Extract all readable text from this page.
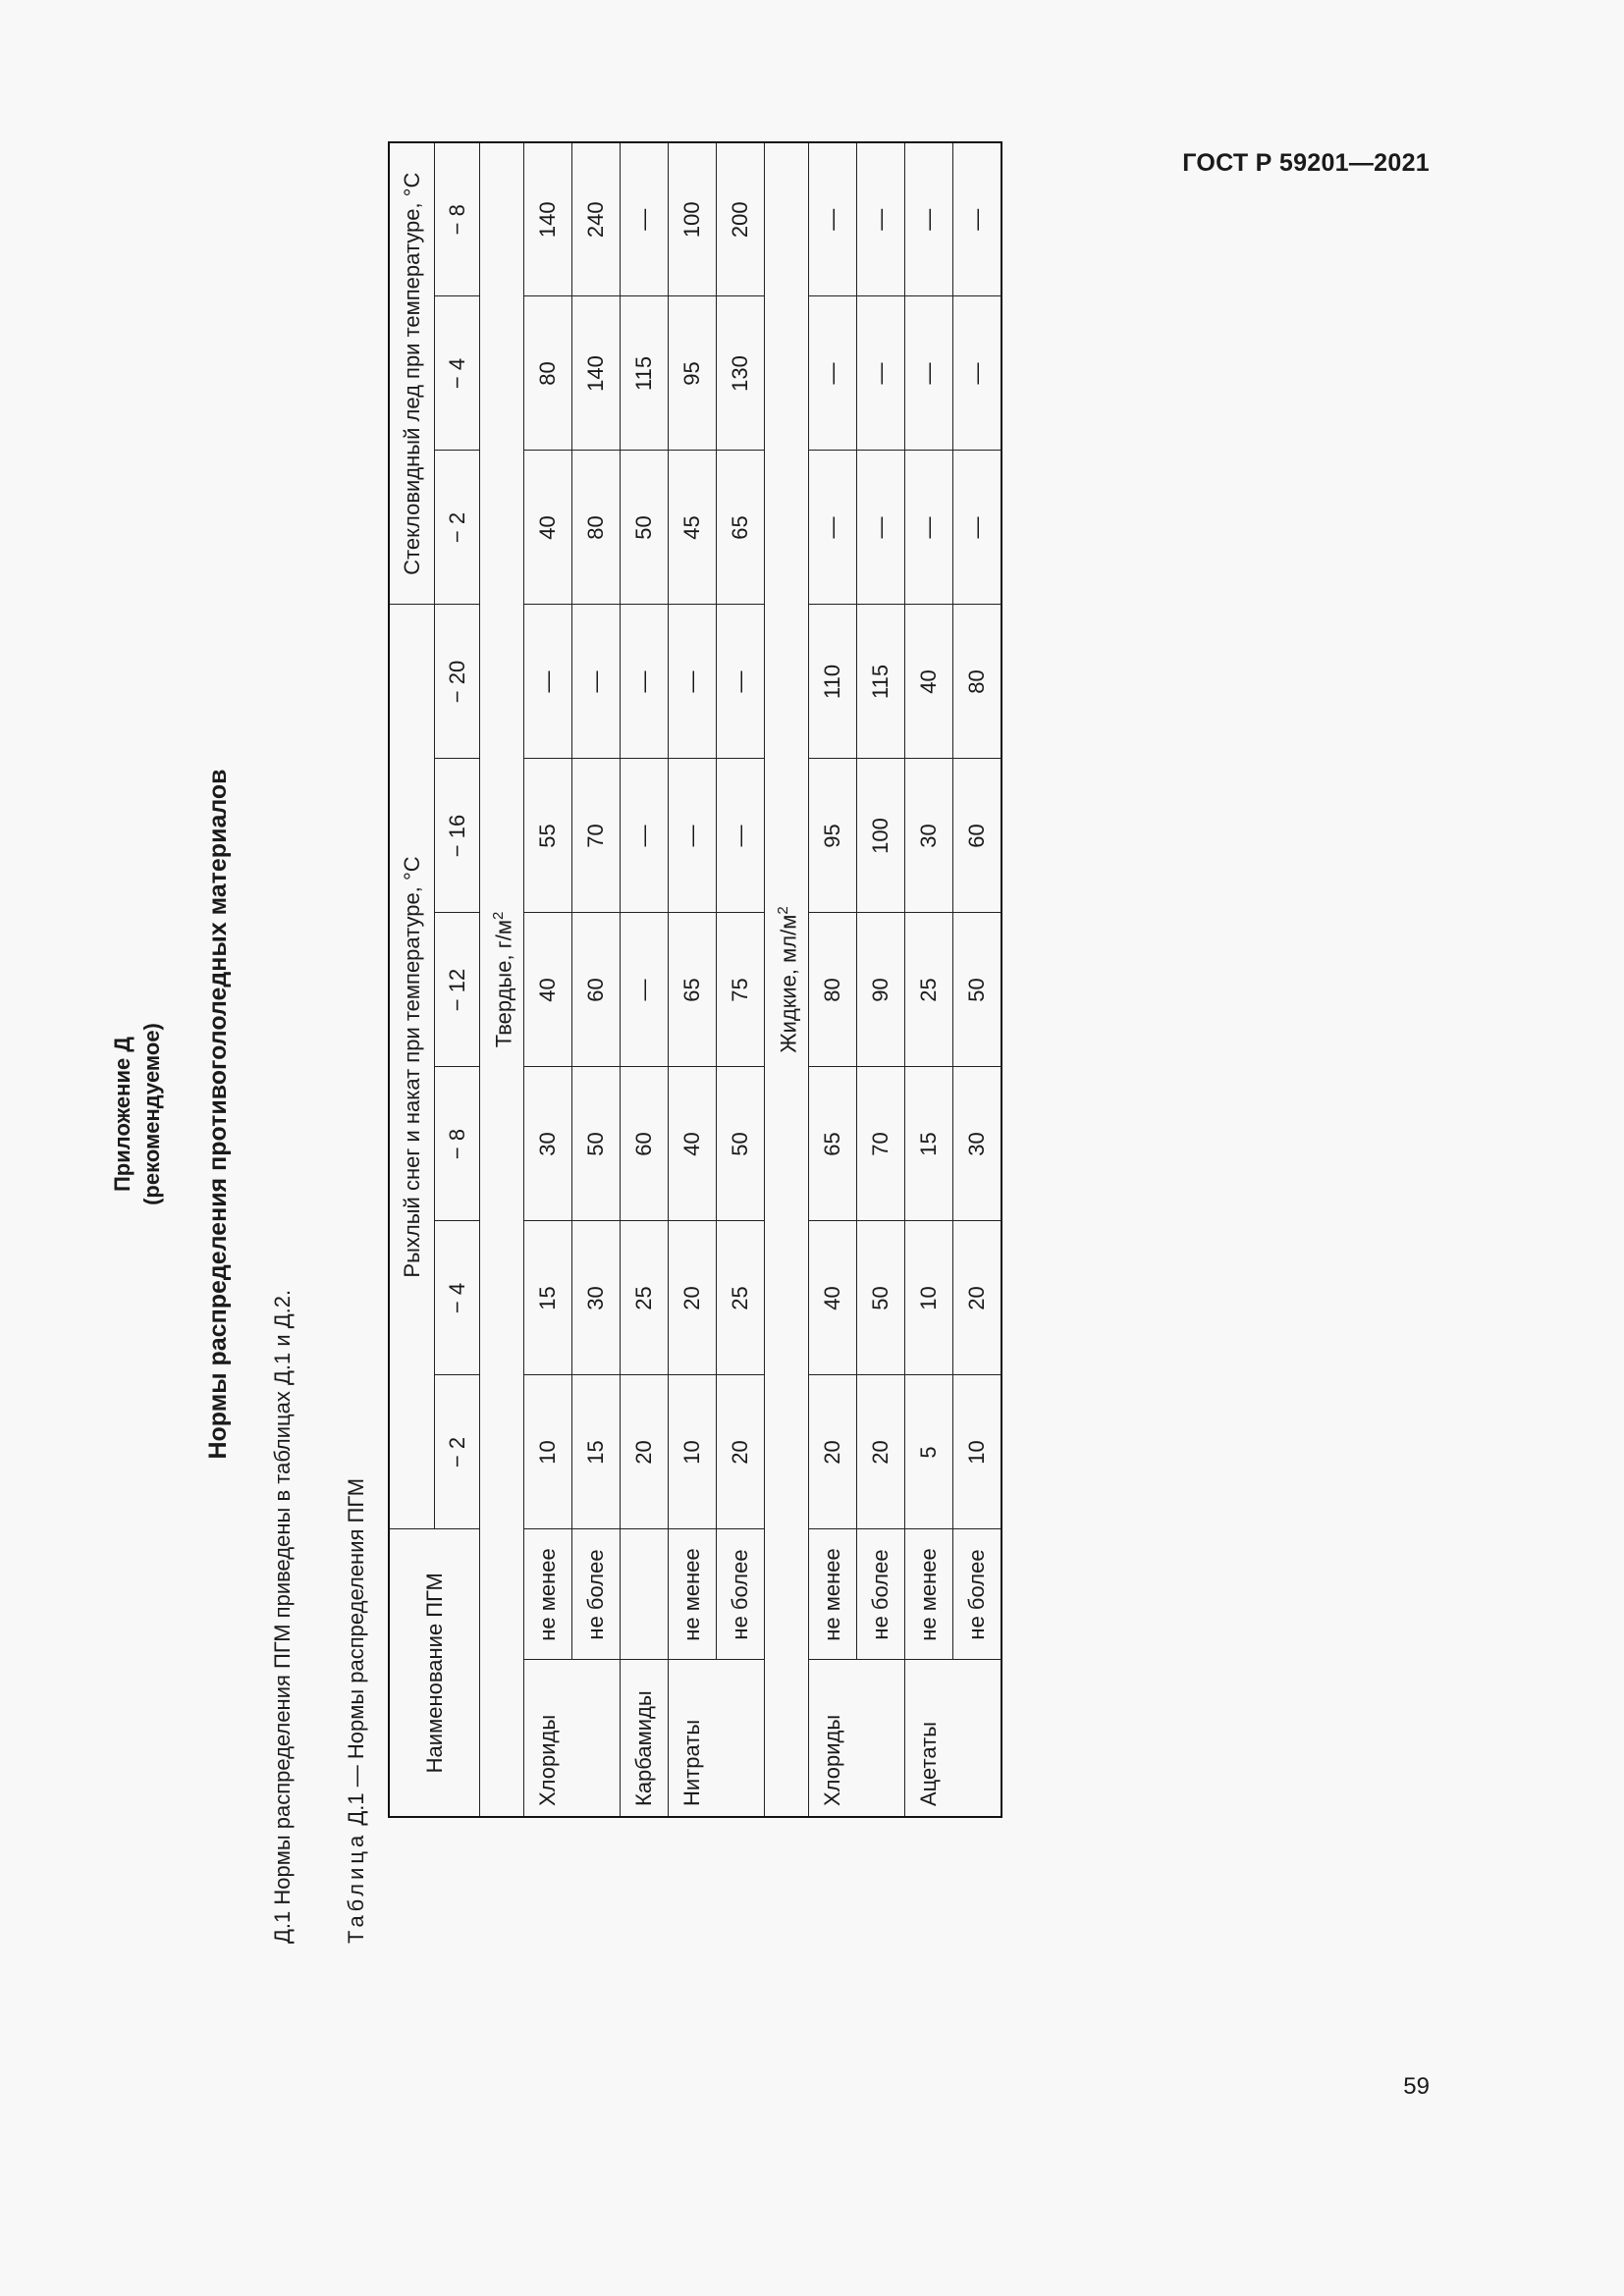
ГОСТ Р 59201—2021
59
Приложение Д (рекомендуемое) Нормы распределения противогололедных материалов
Д.1 Нормы распределения ПГМ приведены в таблицах Д.1 и Д.2. Таблица Д.1 — Нормы распределения ПГМ Наименование ПГМ		Рыхлый снег и накат при температуре, °С						Стекловидный лед при температуре, °С		
		− 2	− 4	− 8	− 12	− 16	− 20	− 2	− 4	− 8
Твердые, $г/м^2$
Хлориды	не менее	10	15	30	40	55	—	40	80	140
	не более	15	30	50	60	70	—	80	140	240
Карбамиды		20	25	60	—	—	—	50	115	—
Нитраты	не менее	10	20	40	65	—	—	45	95	100
	не более	20	25	50	75	—	—	65	130	200
Жидкие, $мл/м^2$
Хлориды	не менее	20	40	65	80	95	110	—	—	—
	не более	20	50	70	90	100	115	—	—	—
Ацетаты	не менее	5	10	15	25	30	40	—	—	—
	не более	10	20	30	50	60	80	—	—	—
